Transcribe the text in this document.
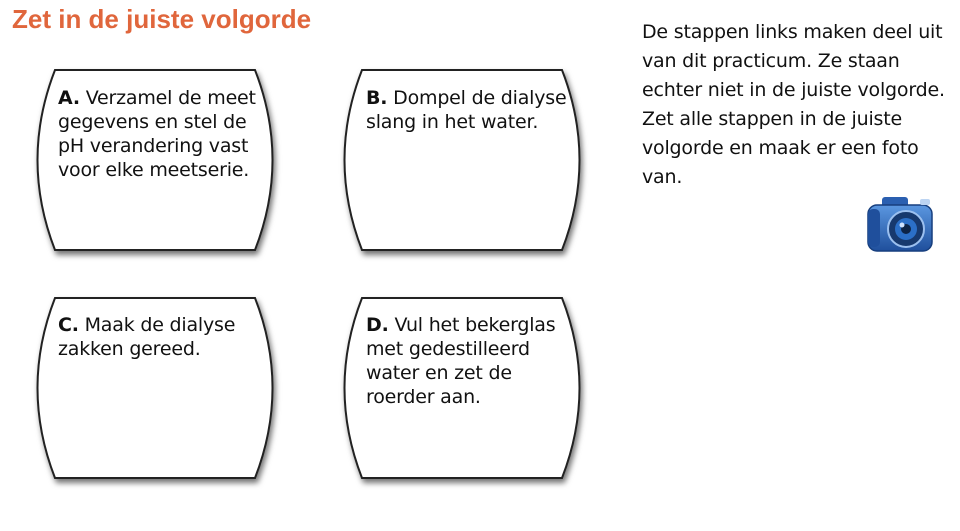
Zet in de juiste volgorde
A. Verzamel de meet gegevens en stel de pH verandering vast voor elke meetserie.
B. Dompel de dialyse slang in het water.
C. Maak de dialyse zakken gereed.
D. Vul het bekerglas met gedestilleerd water en zet de roerder aan.
De stappen links maken deel uit van dit practicum. Ze staan echter niet in de juiste volgorde. Zet alle stappen in de juiste volgorde en maak er een foto van.
